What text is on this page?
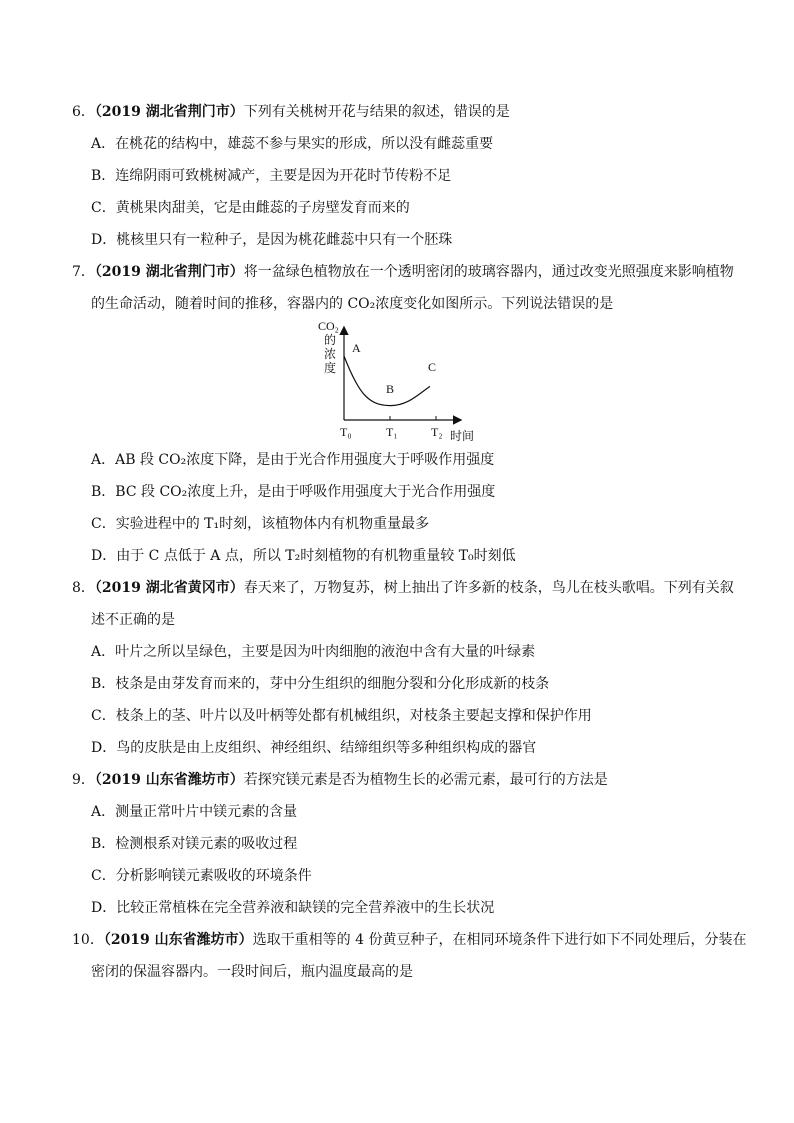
6．（2019 湖北省荆门市）下列有关桃树开花与结果的叙述，错误的是
A．在桃花的结构中，雄蕊不参与果实的形成，所以没有雌蕊重要
B．连绵阴雨可致桃树减产，主要是因为开花时节传粉不足
C．黄桃果肉甜美，它是由雌蕊的子房壁发育而来的
D．桃核里只有一粒种子，是因为桃花雌蕊中只有一个胚珠
7．（2019 湖北省荆门市）将一盆绿色植物放在一个透明密闭的玻璃容器内，通过改变光照强度来影响植物
的生命活动，随着时间的推移，容器内的 CO₂浓度变化如图所示。下列说法错误的是
CO₂
的
浓
度
A
B
C
T₀	T₁	T₂ 时间
A．AB 段 CO₂浓度下降，是由于光合作用强度大于呼吸作用强度
B．BC 段 CO₂浓度上升，是由于呼吸作用强度大于光合作用强度
C．实验进程中的 T₁时刻，该植物体内有机物重量最多
D．由于 C 点低于 A 点，所以 T₂时刻植物的有机物重量较 T₀时刻低
8．（2019 湖北省黄冈市）春天来了，万物复苏，树上抽出了许多新的枝条，鸟儿在枝头歌唱。下列有关叙
述不正确的是
A．叶片之所以呈绿色，主要是因为叶肉细胞的液泡中含有大量的叶绿素
B．枝条是由芽发育而来的，芽中分生组织的细胞分裂和分化形成新的枝条
C．枝条上的茎、叶片以及叶柄等处都有机械组织，对枝条主要起支撑和保护作用
D．鸟的皮肤是由上皮组织、神经组织、结缔组织等多种组织构成的器官
9．（2019 山东省潍坊市）若探究镁元素是否为植物生长的必需元素，最可行的方法是
A．测量正常叶片中镁元素的含量
B．检测根系对镁元素的吸收过程
C．分析影响镁元素吸收的环境条件
D．比较正常植株在完全营养液和缺镁的完全营养液中的生长状况
10．（2019 山东省潍坊市）选取干重相等的 4 份黄豆种子，在相同环境条件下进行如下不同处理后，分装在
密闭的保温容器内。一段时间后，瓶内温度最高的是
